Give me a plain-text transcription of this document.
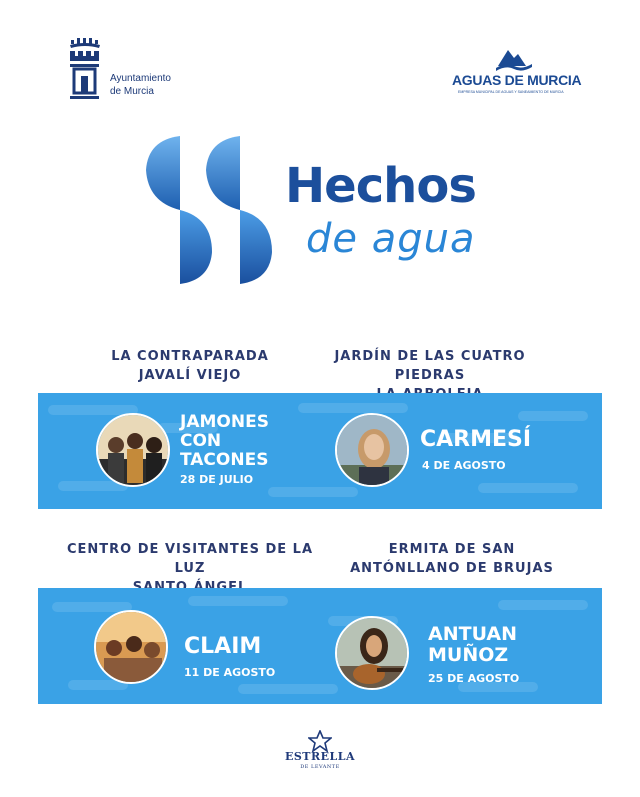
Ayuntamiento
de Murcia
AGUAS DE MURCIA
EMPRESA MUNICIPAL DE AGUAS Y SANEAMIENTO DE MURCIA
Hechos
de agua
LA CONTRAPARADA
JAVALÍ VIEJO
JARDÍN DE LAS CUATRO PIEDRAS
JAMONES
CON
TACONES
28 DE JULIO
CARMESÍ
4 DE AGOSTO
CENTRO DE VISITANTES DE LA LUZ
ERMITA DE SAN
ANTÓNLLANO DE BRUJAS
CLAIM
11 DE AGOSTO
ANTUAN
MUÑOZ
25 DE AGOSTO
ESTRELLA
DE LEVANTE
